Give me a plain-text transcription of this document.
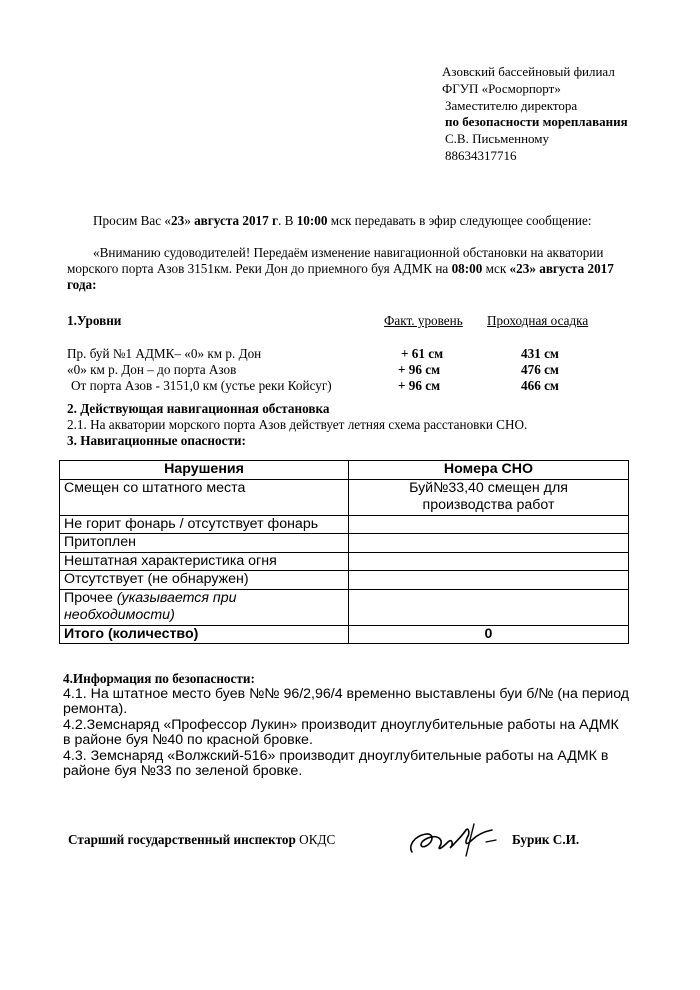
Азовский бассейновый филиал
ФГУП «Росморпорт»
Заместителю директора
по безопасности мореплавания
С.В. Письменному
88634317716
Просим Вас «23» августа 2017 г. В 10:00 мск передавать в эфир следующее сообщение:
«Вниманию судоводителей! Передаём изменение навигационной обстановки на акватории
морского порта Азов 3151км. Реки Дон до приемного буя АДМК на 08:00 мск «23» августа 2017
года:
1.Уровни	Факт. уровень Проходная осадка
Пр. буй №1 АДМК– «0» км р. Дон	+ 61 см	431 см
«0» км р. Дон – до порта Азов	+ 96 см	476 см
От порта Азов - 3151,0 км (устье реки Койсуг)	+ 96 см	466 см
2. Действующая навигационная обстановка
2.1. На акватории морского порта Азов действует летняя схема расстановки СНО.
3. Навигационные опасности:
Нарушения	Номера СНО
Смещен со штатного места	Буй№33,40 смещен для
производства работ

Не горит фонарь / отсутствует фонарь	
Притоплен	
Нештатная характеристика огня	
Отсутствует (не обнаружен)	
Прочее (указывается при
необходимости)	
Итого (количество)	0
4.Информация по безопасности:
4.1. На штатное место буев №№ 96/2,96/4 временно выставлены буи б/№ (на период
ремонта).
4.2.Земснаряд «Профессор Лукин» производит дноуглубительные работы на АДМК
в районе буя №40 по красной бровке.
4.3. Земснаряд «Волжский-516» производит дноуглубительные работы на АДМК в
районе буя №33 по зеленой бровке.
Старший государственный инспектор ОКДС	Бурик С.И.
